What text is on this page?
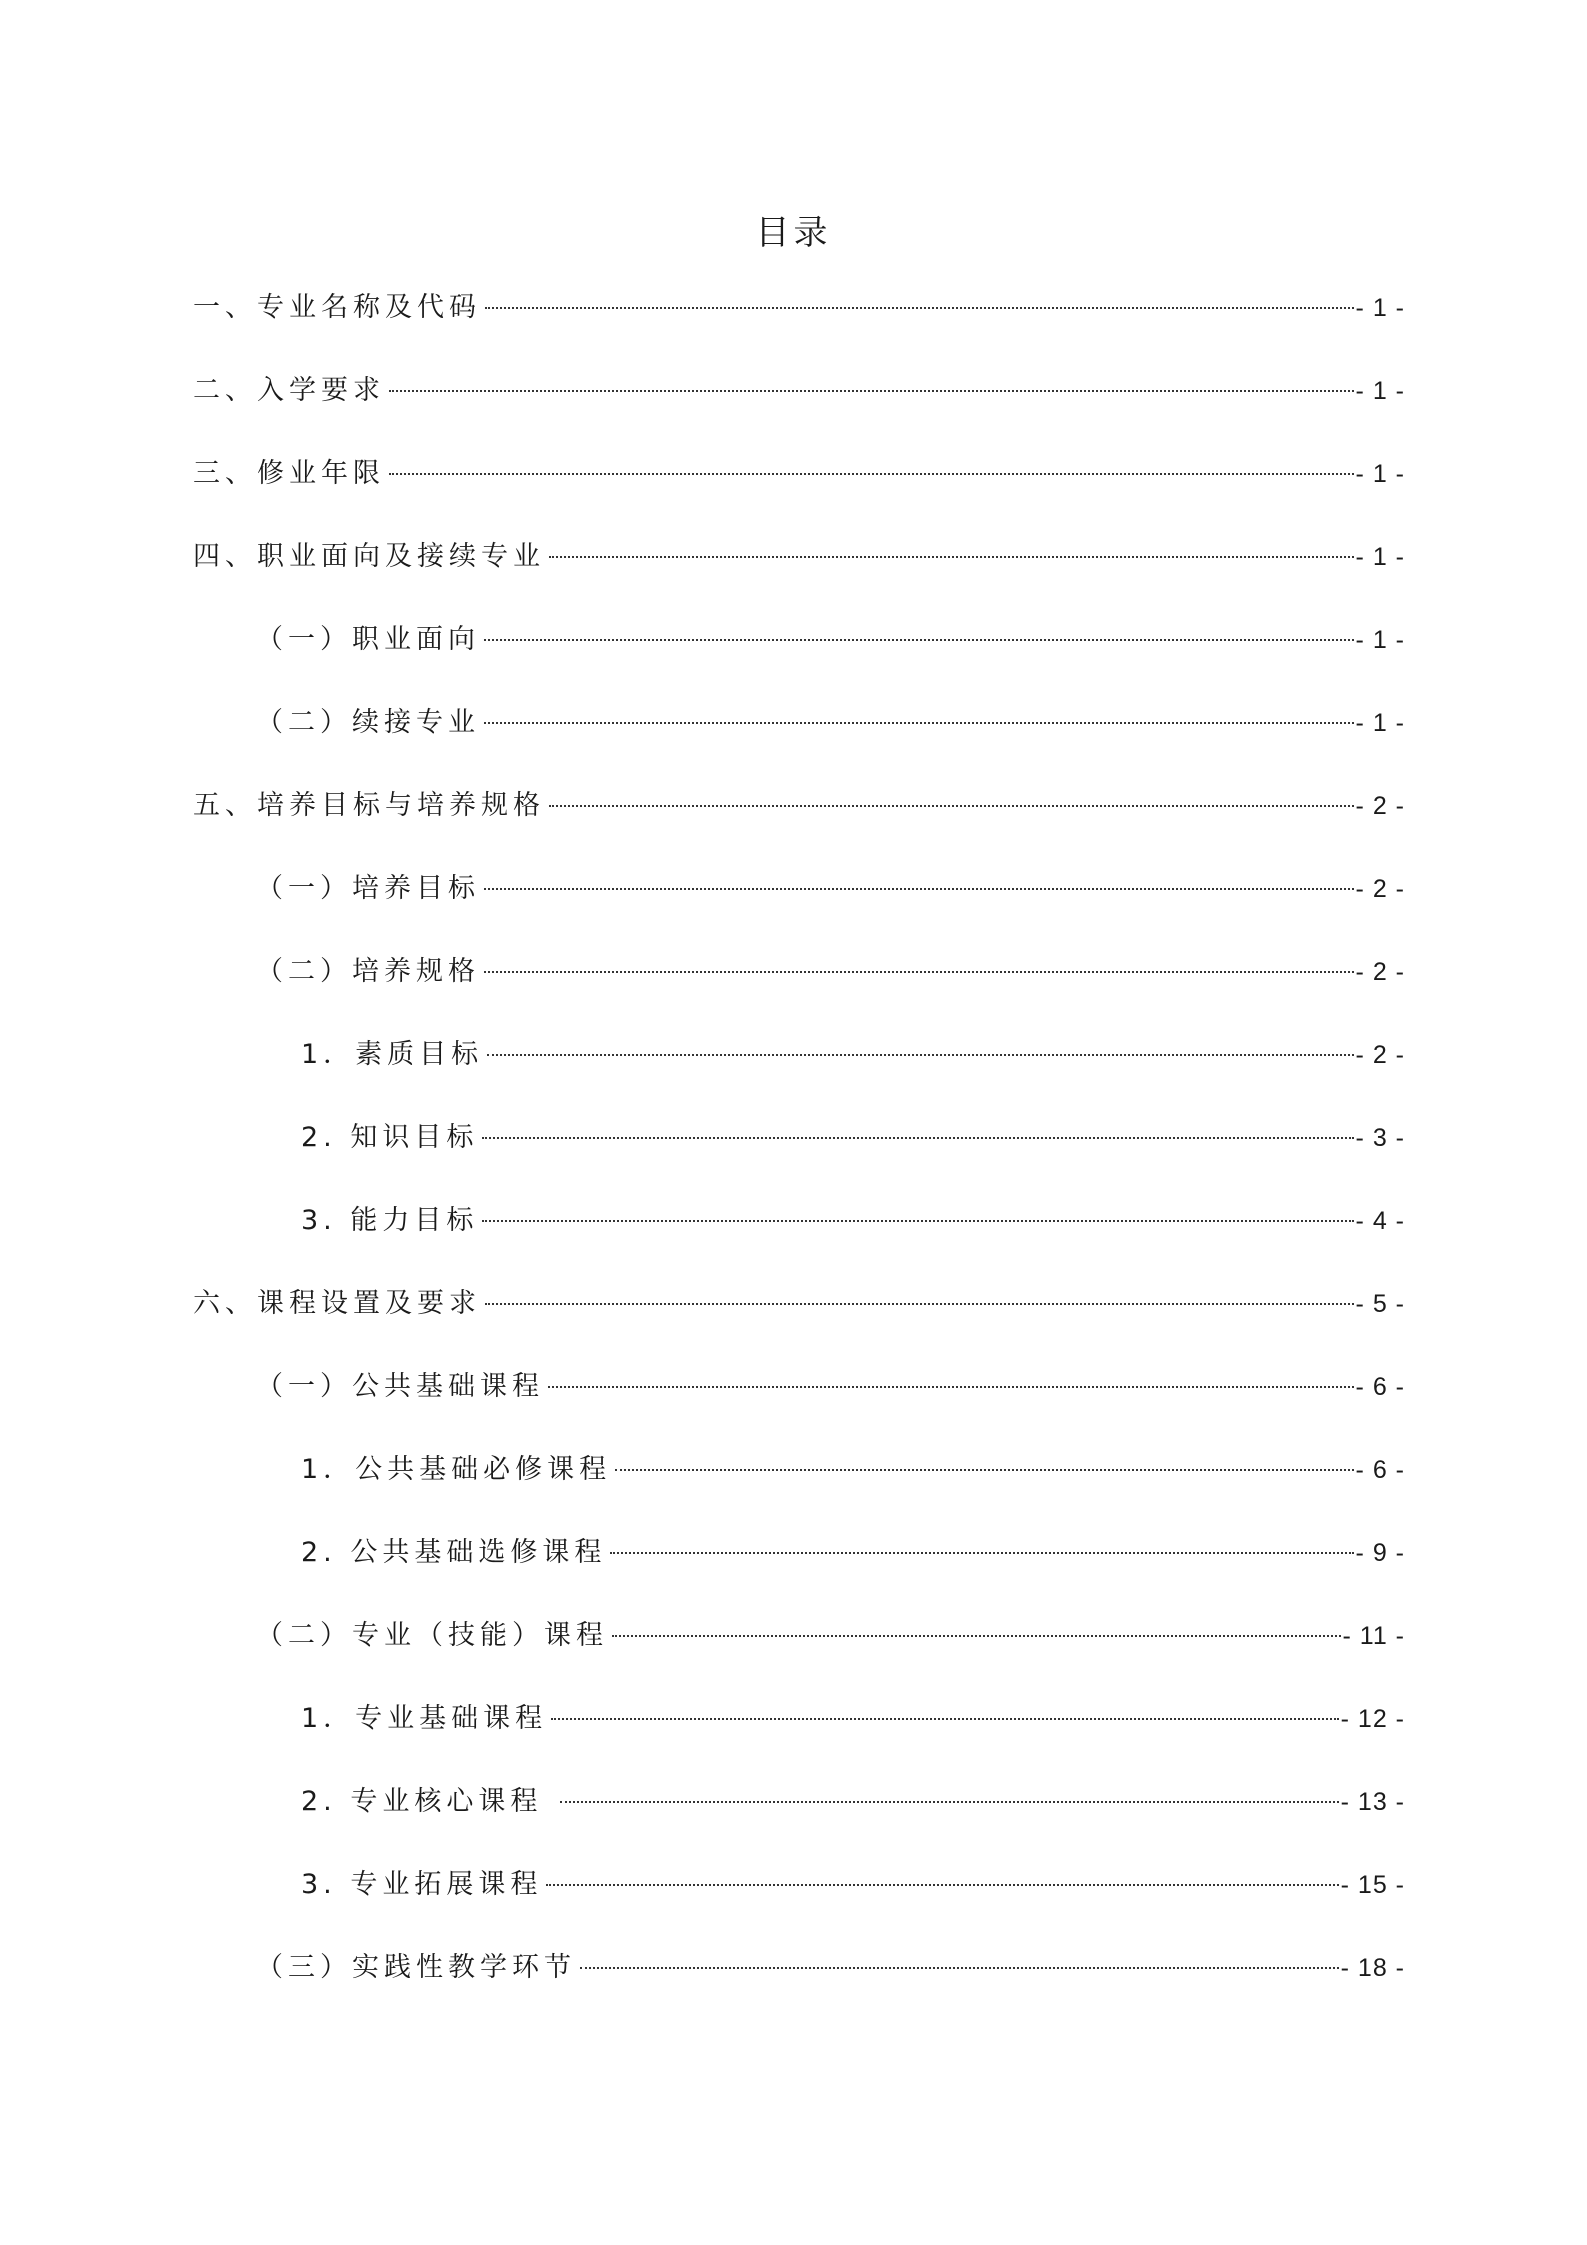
目录
一、专业名称及代码	- 1 -
二、入学要求	- 1 -
三、修业年限	- 1 -
四、职业面向及接续专业	- 1 -
（一）职业面向	- 1 -
（二）续接专业	- 1 -
五、培养目标与培养规格	- 2 -
（一）培养目标	- 2 -
（二）培养规格	- 2 -
1．素质目标	- 2 -
2. 知识目标	- 3 -
3. 能力目标	- 4 -
六、课程设置及要求	- 5 -
（一）公共基础课程	- 6 -
1．公共基础必修课程	- 6 -
2. 公共基础选修课程	- 9 -
（二）专业（技能）课程	- 11 -
1．专业基础课程	- 12 -
2. 专业核心课程	- 13 -
3. 专业拓展课程	- 15 -
（三）实践性教学环节	- 18 -
